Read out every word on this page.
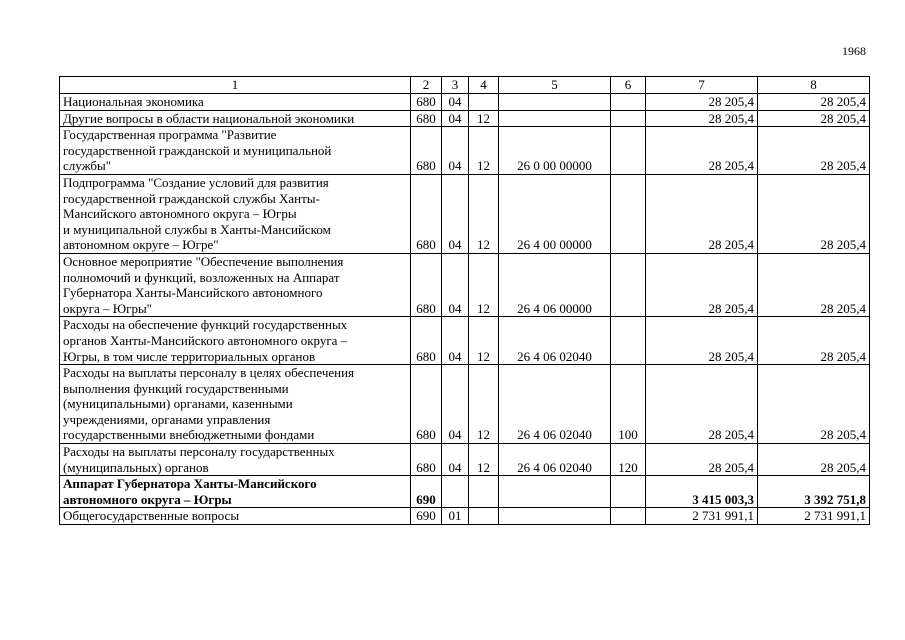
1968
1	2	3	4	5	6	7	8
Национальная экономика	680	04				28 205,4	28 205,4
Другие вопросы в области национальной экономики	680	04	12			28 205,4	28 205,4
Государственная программа "Развитие
государственной гражданской и муниципальной
службы"	680	04	12	26 0 00 00000		28 205,4	28 205,4
Подпрограмма "Создание условий для развития
государственной гражданской службы Ханты-
Мансийского автономного округа – Югры
и муниципальной службы в Ханты-Мансийском
автономном округе – Югре"	680	04	12	26 4 00 00000		28 205,4	28 205,4
Основное мероприятие "Обеспечение выполнения
полномочий и функций, возложенных на Аппарат
Губернатора Ханты-Мансийского автономного
округа – Югры"	680	04	12	26 4 06 00000		28 205,4	28 205,4
Расходы на обеспечение функций государственных
органов Ханты-Мансийского автономного округа –
Югры, в том числе территориальных органов	680	04	12	26 4 06 02040		28 205,4	28 205,4
Расходы на выплаты персоналу в целях обеспечения
выполнения функций государственными
(муниципальными) органами, казенными
учреждениями, органами управления
государственными внебюджетными фондами	680	04	12	26 4 06 02040	100	28 205,4	28 205,4
Расходы на выплаты персоналу государственных
(муниципальных) органов	680	04	12	26 4 06 02040	120	28 205,4	28 205,4
Аппарат Губернатора Ханты-Мансийского
автономного округа – Югры	690					3 415 003,3	3 392 751,8
Общегосударственные вопросы	690	01				2 731 991,1	2 731 991,1
